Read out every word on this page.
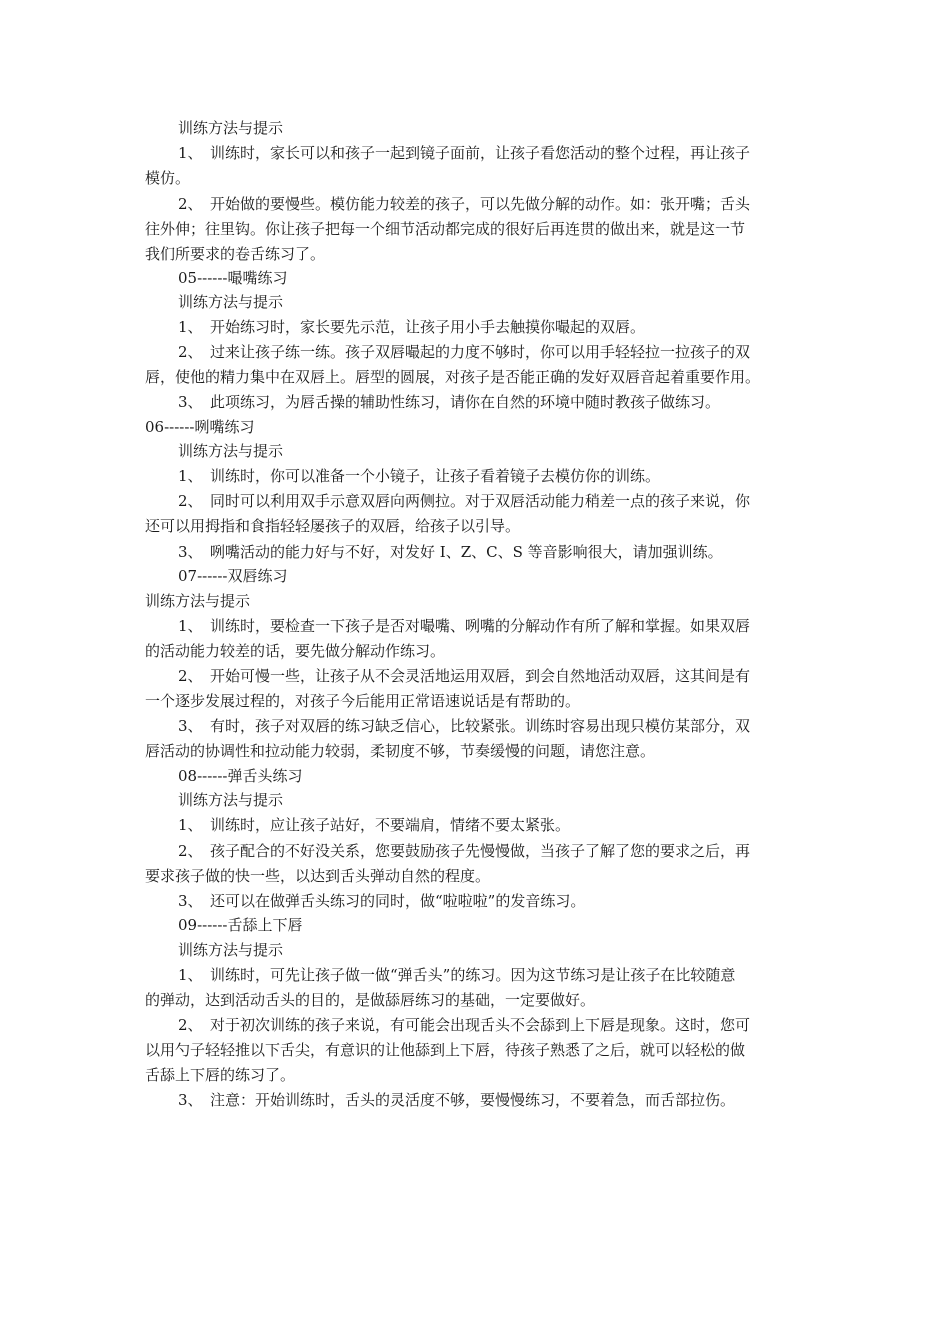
训练方法与提示

1、 训练时，家长可以和孩子一起到镜子面前，让孩子看您活动的整个过程，再让孩子

模仿。

2、 开始做的要慢些。模仿能力较差的孩子，可以先做分解的动作。如：张开嘴；舌头

往外伸；往里钩。你让孩子把每一个细节活动都完成的很好后再连贯的做出来，就是这一节

我们所要求的卷舌练习了。

05------嘬嘴练习

训练方法与提示

1、 开始练习时，家长要先示范，让孩子用小手去触摸你嘬起的双唇。

2、 过来让孩子练一练。孩子双唇嘬起的力度不够时，你可以用手轻轻拉一拉孩子的双

唇，使他的精力集中在双唇上。唇型的圆展，对孩子是否能正确的发好双唇音起着重要作用。

3、 此项练习，为唇舌操的辅助性练习，请你在自然的环境中随时教孩子做练习。

06------咧嘴练习

训练方法与提示

1、 训练时，你可以准备一个小镜子，让孩子看着镜子去模仿你的训练。

2、 同时可以利用双手示意双唇向两侧拉。对于双唇活动能力稍差一点的孩子来说，你

还可以用拇指和食指轻轻屡孩子的双唇，给孩子以引导。

3、 咧嘴活动的能力好与不好，对发好 I、Z、C、S 等音影响很大，请加强训练。

07------双唇练习

训练方法与提示

1、 训练时，要检查一下孩子是否对嘬嘴、咧嘴的分解动作有所了解和掌握。如果双唇

的活动能力较差的话，要先做分解动作练习。

2、 开始可慢一些，让孩子从不会灵活地运用双唇，到会自然地活动双唇，这其间是有

一个逐步发展过程的，对孩子今后能用正常语速说话是有帮助的。

3、 有时，孩子对双唇的练习缺乏信心，比较紧张。训练时容易出现只模仿某部分，双

唇活动的协调性和拉动能力较弱，柔韧度不够，节奏缓慢的问题，请您注意。

08------弹舌头练习

训练方法与提示

1、 训练时，应让孩子站好，不要端肩，情绪不要太紧张。

2、 孩子配合的不好没关系，您要鼓励孩子先慢慢做，当孩子了解了您的要求之后，再

要求孩子做的快一些，以达到舌头弹动自然的程度。

3、 还可以在做弹舌头练习的同时，做“啦啦啦”的发音练习。

09------舌舔上下唇

训练方法与提示

1、 训练时，可先让孩子做一做“弹舌头”的练习。因为这节练习是让孩子在比较随意

的弹动，达到活动舌头的目的，是做舔唇练习的基础，一定要做好。

2、 对于初次训练的孩子来说，有可能会出现舌头不会舔到上下唇是现象。这时，您可

以用勺子轻轻推以下舌尖，有意识的让他舔到上下唇，待孩子熟悉了之后，就可以轻松的做

舌舔上下唇的练习了。

3、 注意：开始训练时，舌头的灵活度不够，要慢慢练习，不要着急，而舌部拉伤。
